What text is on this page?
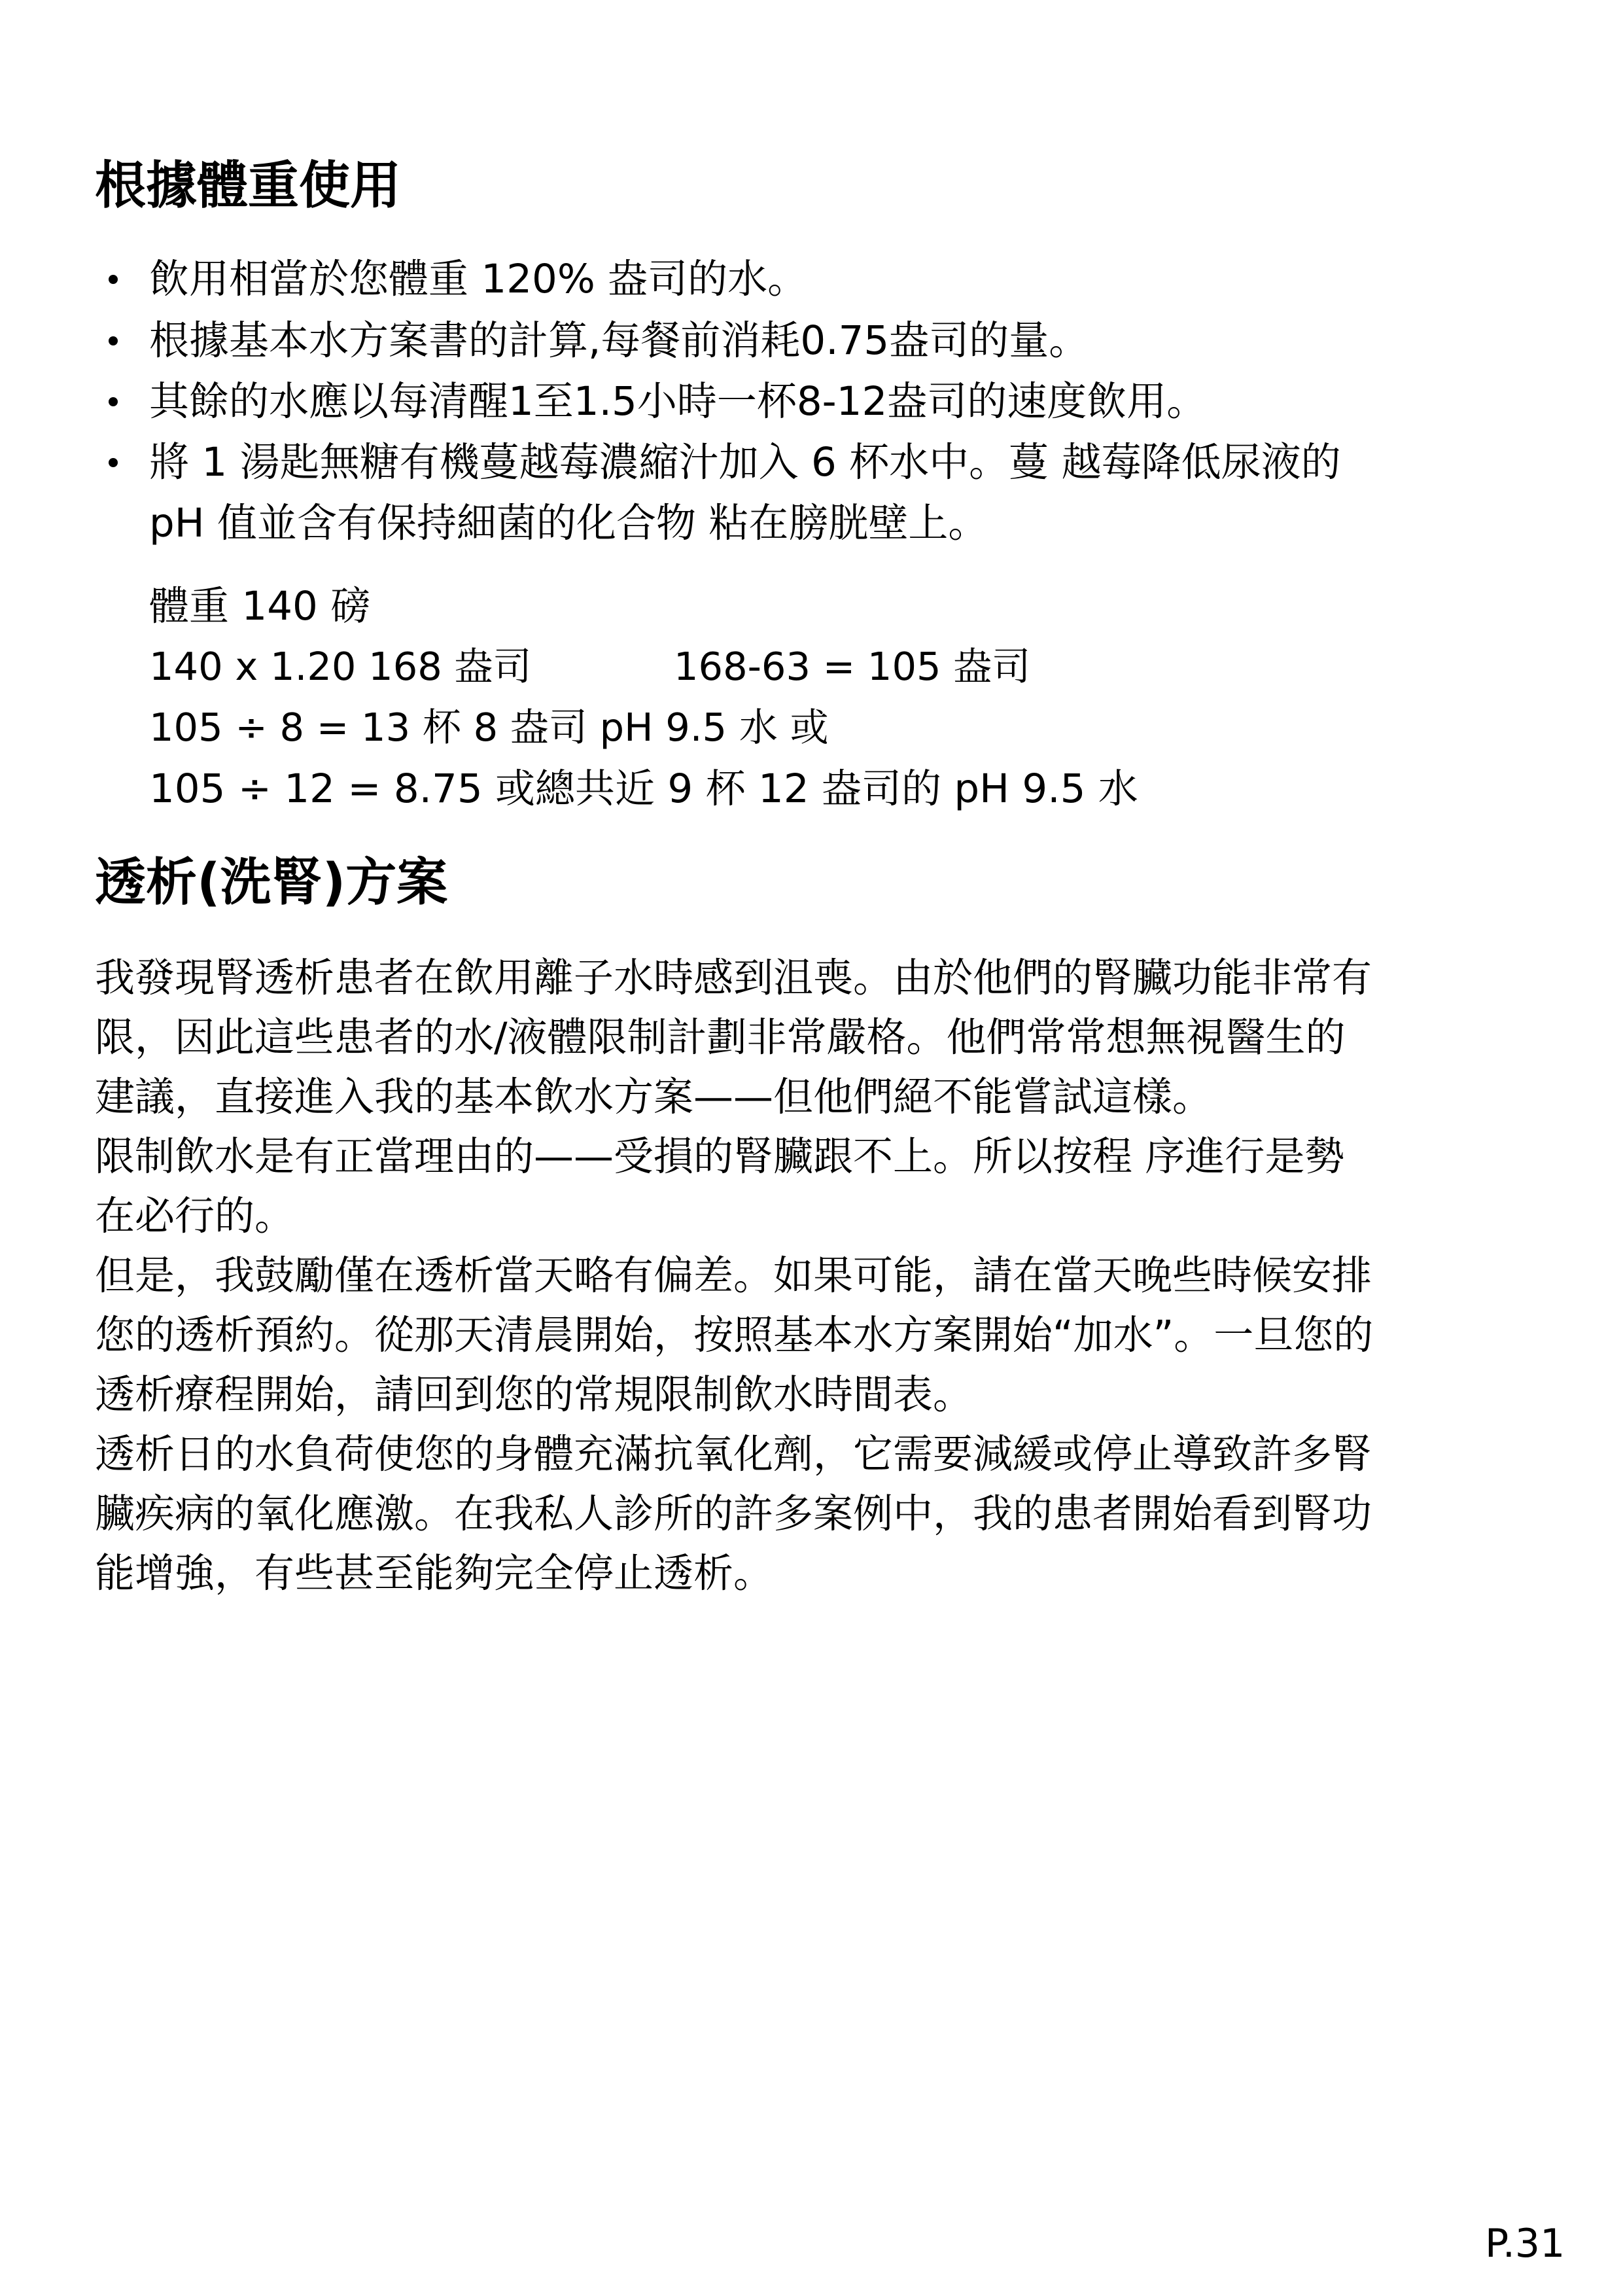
根據體重使用
飲用相當於您體重 120% 盎司的水。
根據基本水方案書的計算,每餐前消耗0.75盎司的量。
其餘的水應以每清醒1至1.5小時一杯8-12盎司的速度飲用。
將 1 湯匙無糖有機蔓越莓濃縮汁加入 6 杯水中。蔓 越莓降低尿液的
pH 值並含有保持細菌的化合物 粘在膀胱壁上。
體重 140 磅
140 x 1.20 168 盎司	168-63 = 105 盎司
105 ÷ 8 = 13 杯 8 盎司 pH 9.5 水 或
105 ÷ 12 = 8.75 或總共近 9 杯 12 盎司的 pH 9.5 水
透析(洗腎)方案
我發現腎透析患者在飲用離子水時感到沮喪。由於他們的腎臟功能非常有
限，因此這些患者的水/液體限制計劃非常嚴格。他們常常想無視醫生的
建議，直接進入我的基本飲水方案——但他們絕不能嘗試這樣。
限制飲水是有正當理由的——受損的腎臟跟不上。所以按程 序進行是勢
在必行的。
但是，我鼓勵僅在透析當天略有偏差。如果可能，請在當天晚些時候安排
您的透析預約。從那天清晨開始，按照基本水方案開始“加水”。一旦您的
透析療程開始，請回到您的常規限制飲水時間表。
透析日的水負荷使您的身體充滿抗氧化劑，它需要減緩或停止導致許多腎
臟疾病的氧化應激。在我私人診所的許多案例中，我的患者開始看到腎功
能增強，有些甚至能夠完全停止透析。
P.31
